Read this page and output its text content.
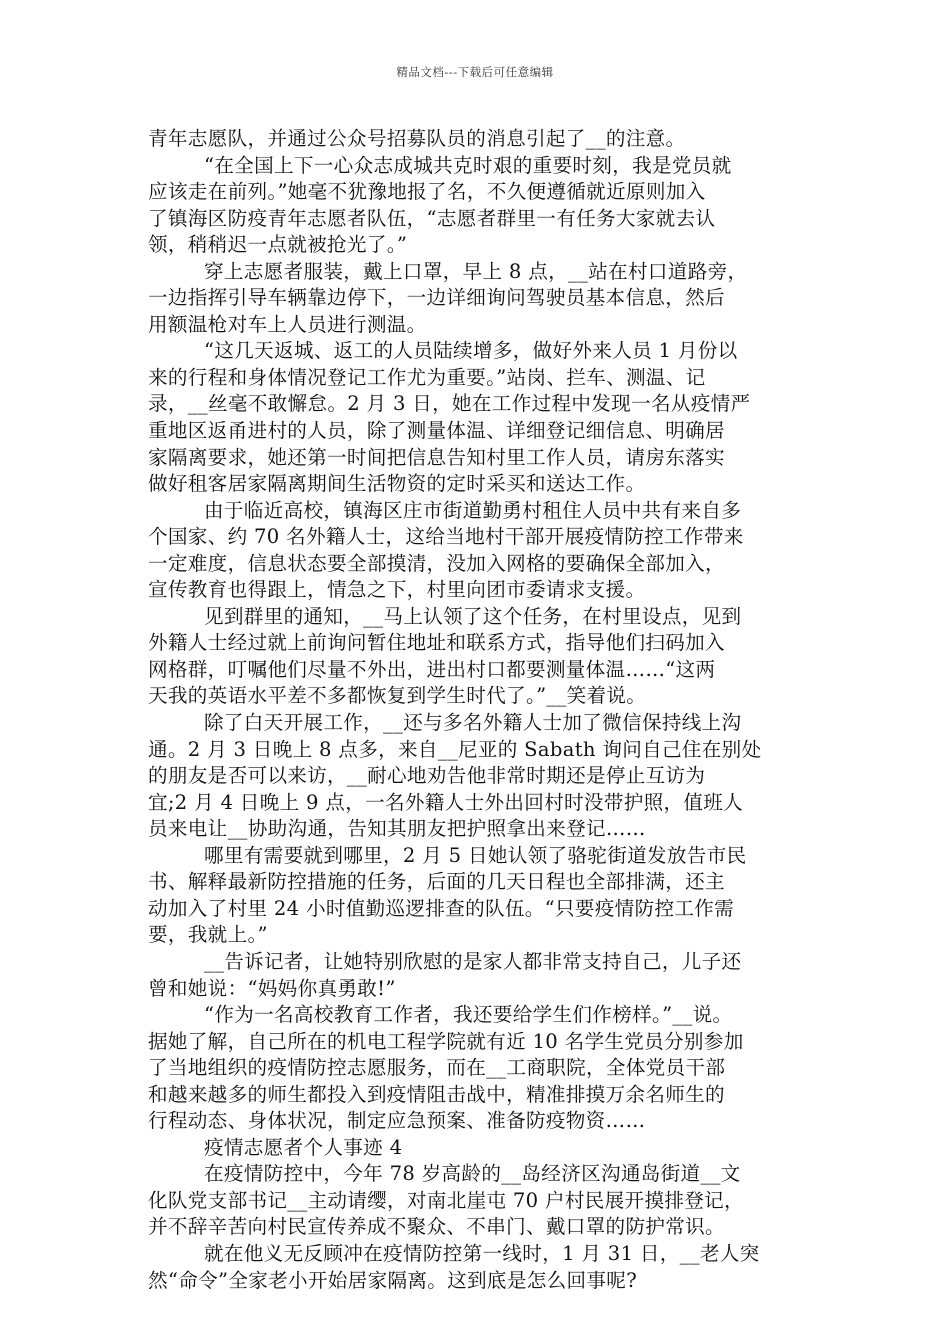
精品文档---下载后可任意编辑
青年志愿队，并通过公众号招募队员的消息引起了__的注意。
“在全国上下一心众志成城共克时艰的重要时刻，我是党员就
应该走在前列。”她毫不犹豫地报了名，不久便遵循就近原则加入
了镇海区防疫青年志愿者队伍，“志愿者群里一有任务大家就去认
领，稍稍迟一点就被抢光了。”
穿上志愿者服装，戴上口罩，早上 8 点，__站在村口道路旁，
一边指挥引导车辆靠边停下，一边详细询问驾驶员基本信息，然后
用额温枪对车上人员进行测温。
“这几天返城、返工的人员陆续增多，做好外来人员 1 月份以
来的行程和身体情况登记工作尤为重要。”站岗、拦车、测温、记
录，__丝毫不敢懈怠。2 月 3 日，她在工作过程中发现一名从疫情严
重地区返甬进村的人员，除了测量体温、详细登记细信息、明确居
家隔离要求，她还第一时间把信息告知村里工作人员，请房东落实
做好租客居家隔离期间生活物资的定时采买和送达工作。
由于临近高校，镇海区庄市街道勤勇村租住人员中共有来自多
个国家、约 70 名外籍人士，这给当地村干部开展疫情防控工作带来
一定难度，信息状态要全部摸清，没加入网格的要确保全部加入，
宣传教育也得跟上，情急之下，村里向团市委请求支援。
见到群里的通知，__马上认领了这个任务，在村里设点，见到
外籍人士经过就上前询问暂住地址和联系方式，指导他们扫码加入
网格群，叮嘱他们尽量不外出，进出村口都要测量体温……“这两
天我的英语水平差不多都恢复到学生时代了。”__笑着说。
除了白天开展工作，__还与多名外籍人士加了微信保持线上沟
通。2 月 3 日晚上 8 点多，来自__尼亚的 Sabath 询问自己住在别处
的朋友是否可以来访，__耐心地劝告他非常时期还是停止互访为
宜;2 月 4 日晚上 9 点，一名外籍人士外出回村时没带护照，值班人
员来电让__协助沟通，告知其朋友把护照拿出来登记……
哪里有需要就到哪里，2 月 5 日她认领了骆驼街道发放告市民
书、解释最新防控措施的任务，后面的几天日程也全部排满，还主
动加入了村里 24 小时值勤巡逻排查的队伍。“只要疫情防控工作需
要，我就上。”
__告诉记者，让她特别欣慰的是家人都非常支持自己，儿子还
曾和她说：“妈妈你真勇敢!”
“作为一名高校教育工作者，我还要给学生们作榜样。”__说。
据她了解，自己所在的机电工程学院就有近 10 名学生党员分别参加
了当地组织的疫情防控志愿服务，而在__工商职院，全体党员干部
和越来越多的师生都投入到疫情阻击战中，精准排摸万余名师生的
行程动态、身体状况，制定应急预案、准备防疫物资……
疫情志愿者个人事迹 4
在疫情防控中，今年 78 岁高龄的__岛经济区沟通岛街道__文
化队党支部书记__主动请缨，对南北崖屯 70 户村民展开摸排登记，
并不辞辛苦向村民宣传养成不聚众、不串门、戴口罩的防护常识。
就在他义无反顾冲在疫情防控第一线时，1 月 31 日，__老人突
然“命令”全家老小开始居家隔离。这到底是怎么回事呢?
